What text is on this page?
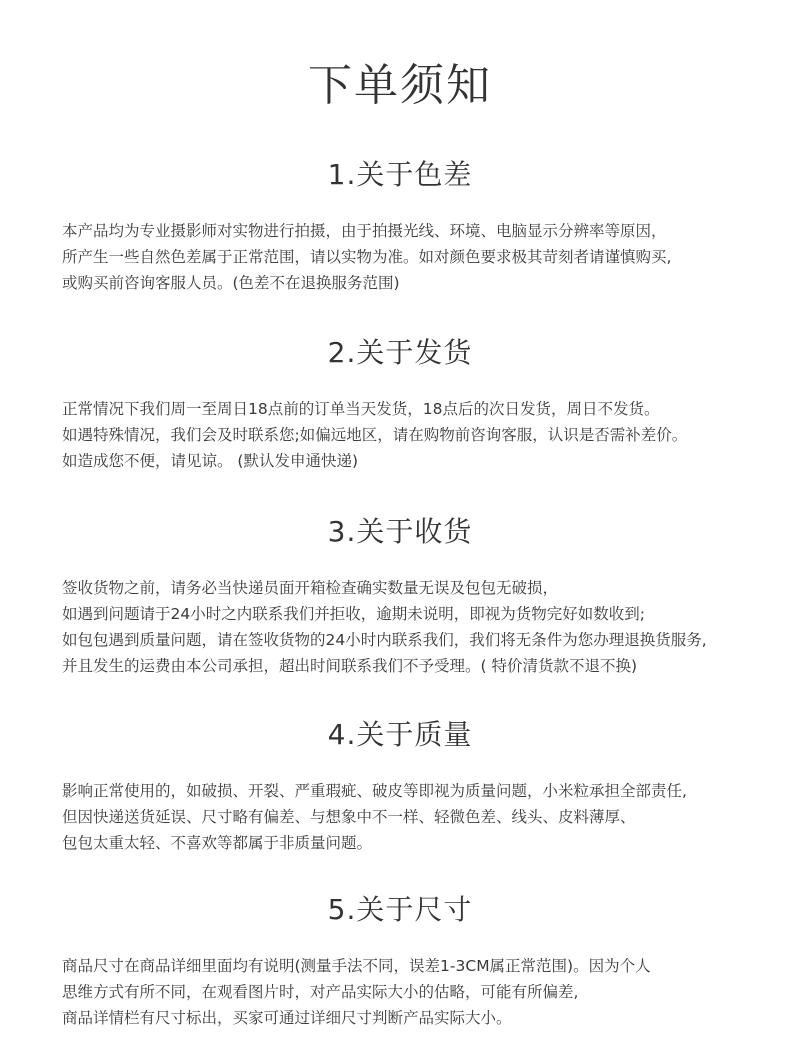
下单须知
1.关于色差

本产品均为专业摄影师对实物进行拍摄，由于拍摄光线、环境、电脑显示分辨率等原因，
所产生一些自然色差属于正常范围，请以实物为准。如对颜色要求极其苛刻者请谨慎购买,
或购买前咨询客服人员。(色差不在退换服务范围)

2.关于发货

正常情况下我们周一至周日18点前的订单当天发货，18点后的次日发货，周日不发货。
如遇特殊情况，我们会及时联系您;如偏远地区，请在购物前咨询客服，认识是否需补差价。
如造成您不便，请见谅。 (默认发申通快递)

3.关于收货

签收货物之前，请务必当快递员面开箱检查确实数量无误及包包无破损，
如遇到问题请于24小时之内联系我们并拒收，逾期未说明，即视为货物完好如数收到;
如包包遇到质量问题，请在签收货物的24小时内联系我们，我们将无条件为您办理退换货服务,
并且发生的运费由本公司承担，超出时间联系我们不予受理。( 特价清货款不退不换)

4.关于质量

影响正常使用的，如破损、开裂、严重瑕疵、破皮等即视为质量问题，小米粒承担全部责任,
但因快递送货延误、尺寸略有偏差、与想象中不一样、轻微色差、线头、皮料薄厚、
包包太重太轻、不喜欢等都属于非质量问题。

5.关于尺寸

商品尺寸在商品详细里面均有说明(测量手法不同，误差1-3CM属正常范围)。因为个人
思维方式有所不同，在观看图片时，对产品实际大小的估略，可能有所偏差,
商品详情栏有尺寸标出，买家可通过详细尺寸判断产品实际大小。
